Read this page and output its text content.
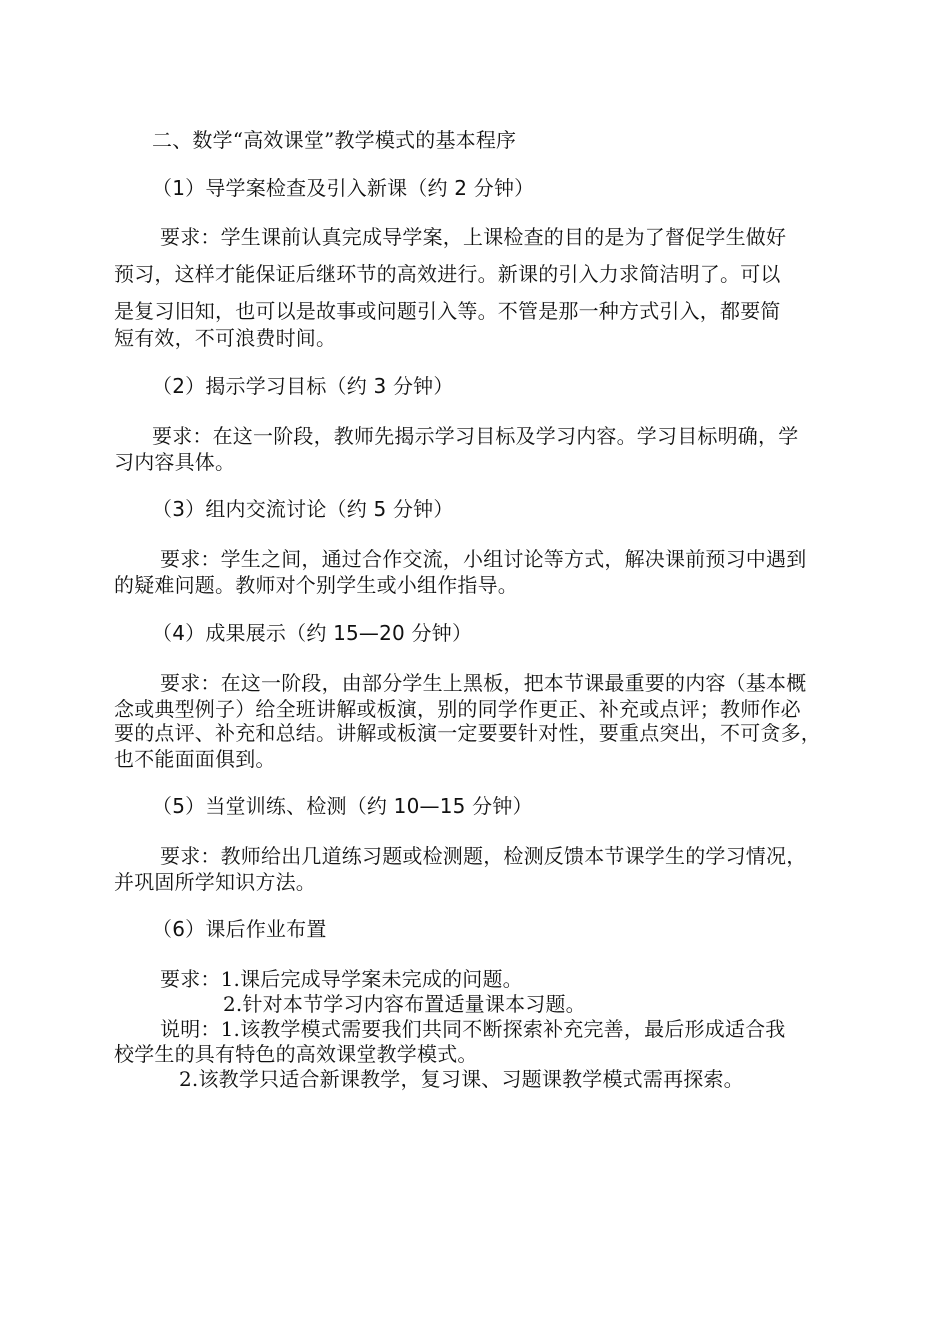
二、数学“高效课堂”教学模式的基本程序
（1）导学案检查及引入新课（约 2 分钟）
要求：学生课前认真完成导学案，上课检查的目的是为了督促学生做好
预习，这样才能保证后继环节的高效进行。新课的引入力求简洁明了。可以
是复习旧知，也可以是故事或问题引入等。不管是那一种方式引入，都要简
短有效，不可浪费时间。
（2）揭示学习目标（约 3 分钟）
要求：在这一阶段，教师先揭示学习目标及学习内容。学习目标明确，学
习内容具体。
（3）组内交流讨论（约 5 分钟）
要求：学生之间，通过合作交流，小组讨论等方式，解决课前预习中遇到
的疑难问题。教师对个别学生或小组作指导。
（4）成果展示（约 15—20 分钟）
要求：在这一阶段，由部分学生上黑板，把本节课最重要的内容（基本概
念或典型例子）给全班讲解或板演，别的同学作更正、补充或点评；教师作必
要的点评、补充和总结。讲解或板演一定要要针对性，要重点突出，不可贪多，
也不能面面俱到。
（5）当堂训练、检测（约 10—15 分钟）
要求：教师给出几道练习题或检测题，检测反馈本节课学生的学习情况，
并巩固所学知识方法。
（6）课后作业布置
要求：1.课后完成导学案未完成的问题。
2.针对本节学习内容布置适量课本习题。
说明：1.该教学模式需要我们共同不断探索补充完善，最后形成适合我
校学生的具有特色的高效课堂教学模式。
2.该教学只适合新课教学，复习课、习题课教学模式需再探索。
